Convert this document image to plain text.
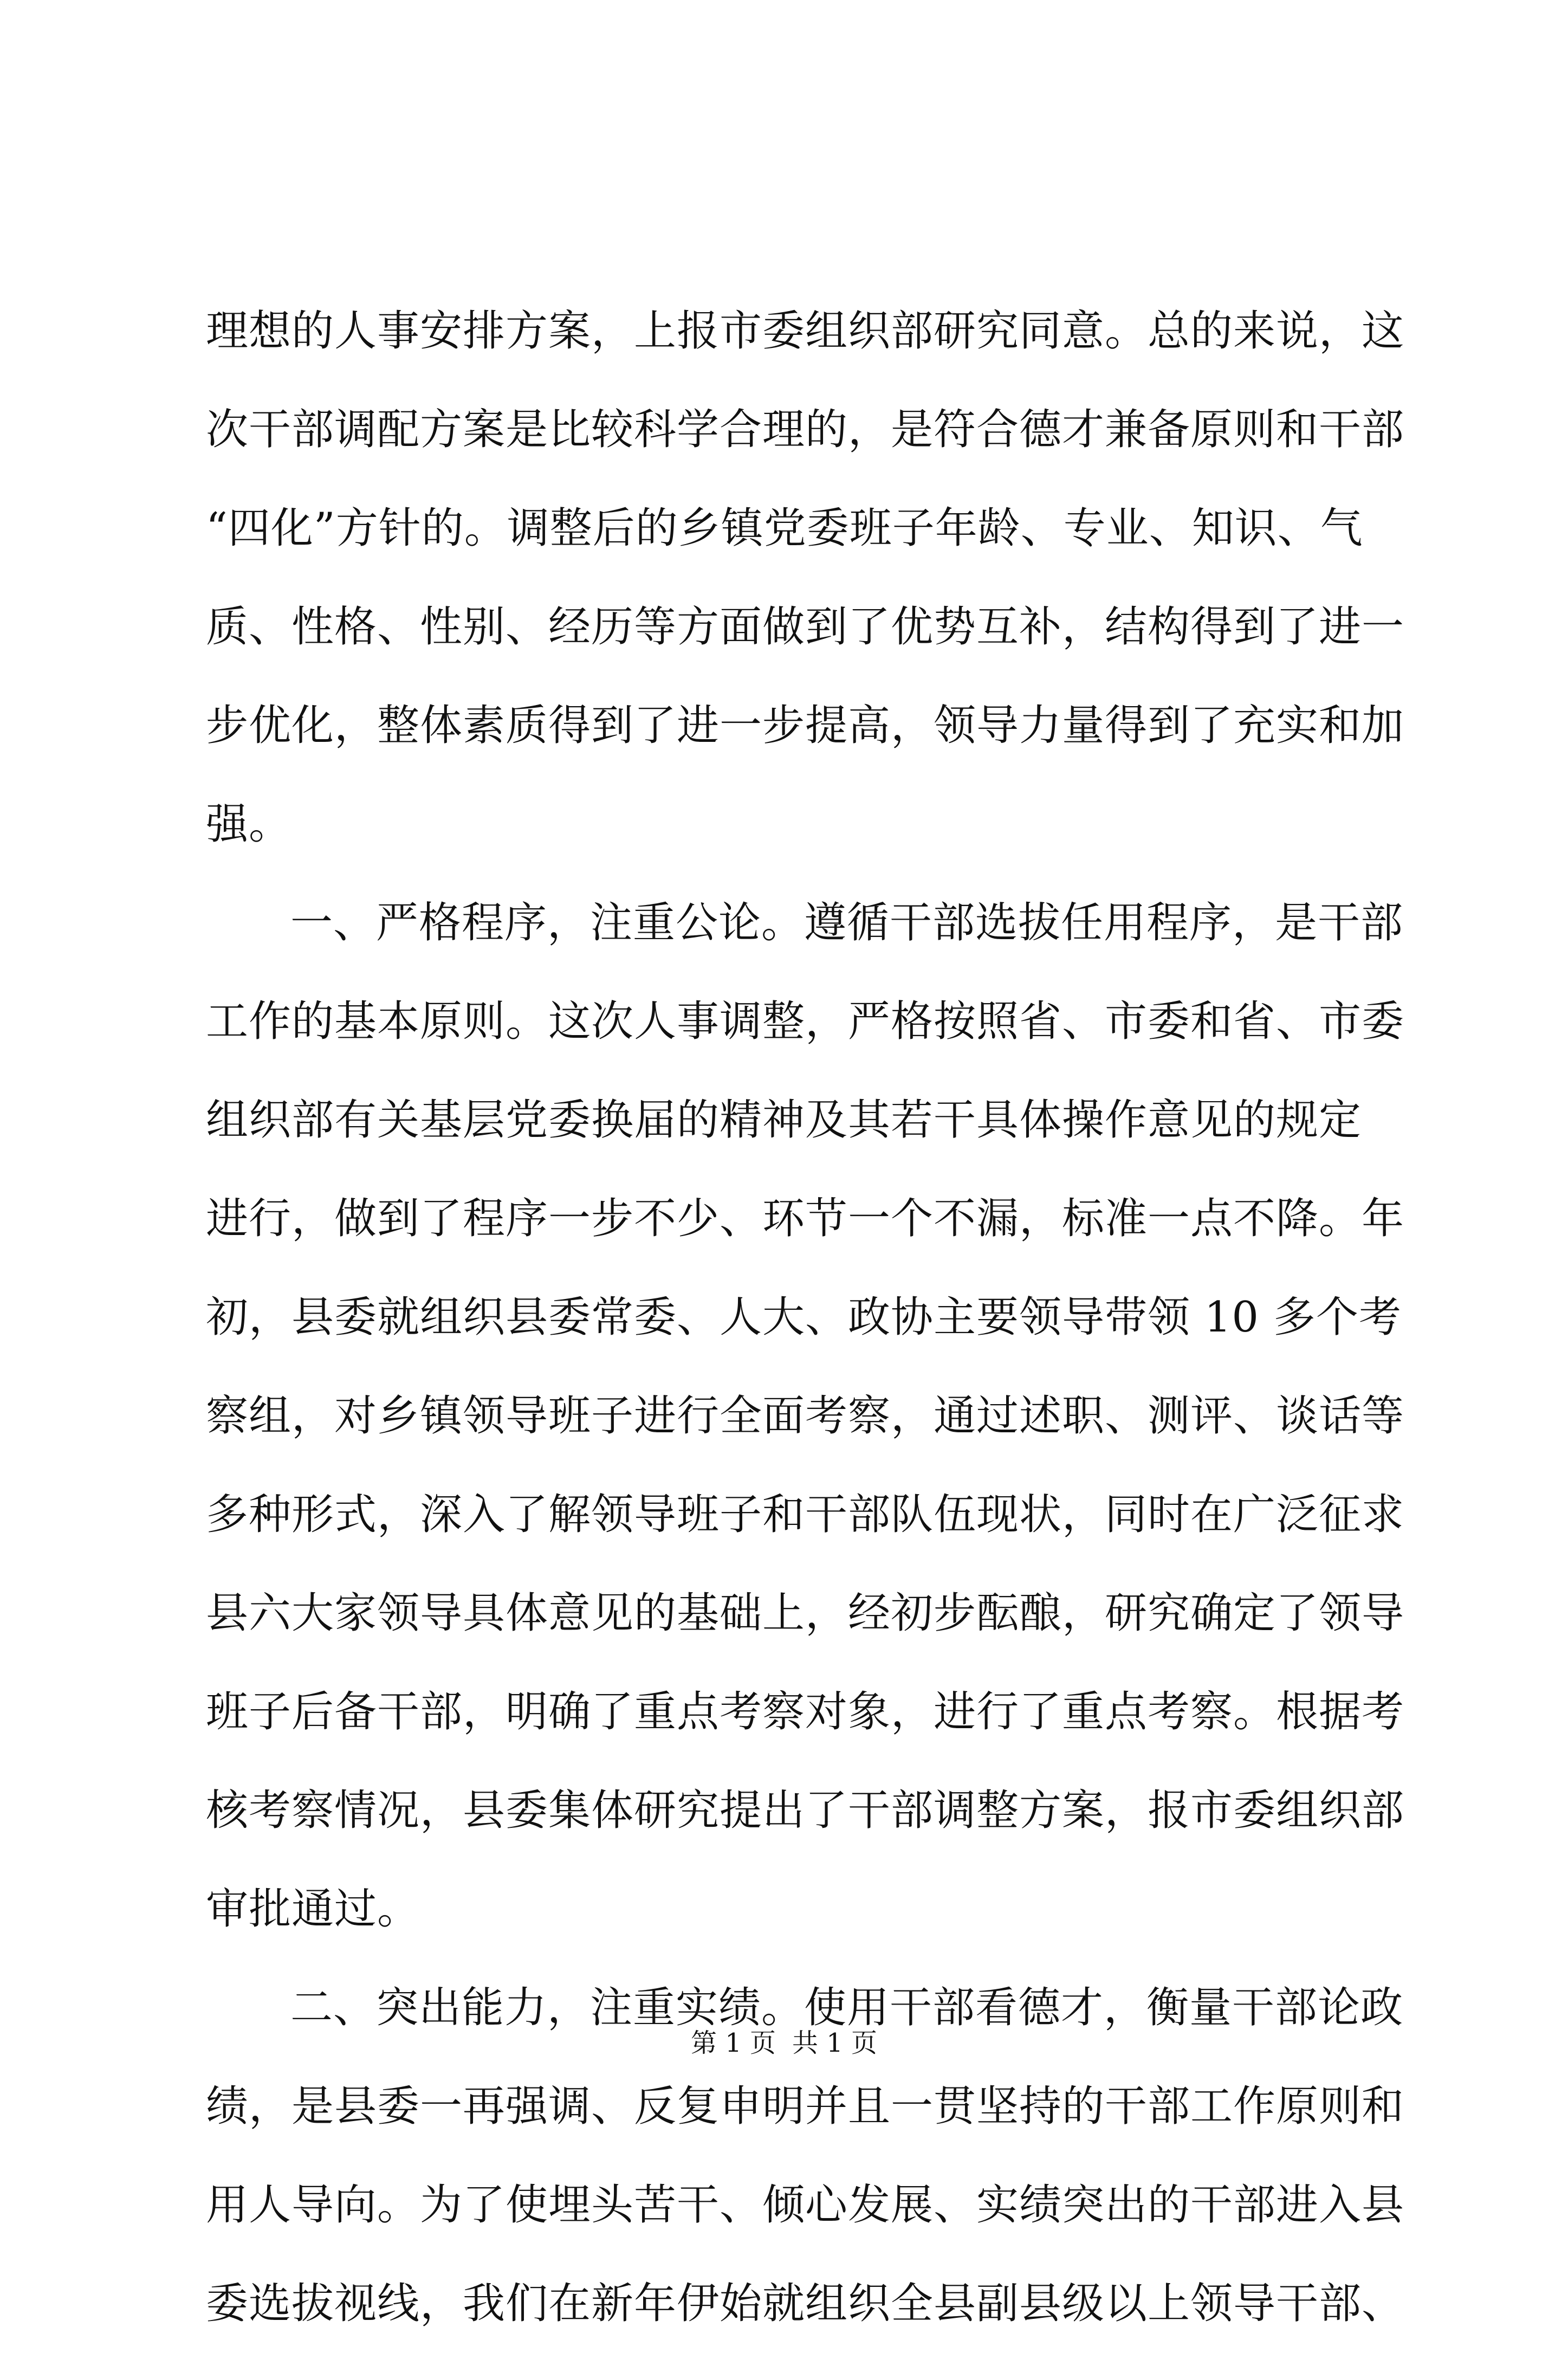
理想的人事安排方案，上报市委组织部研究同意。总的来说，这
次干部调配方案是比较科学合理的，是符合德才兼备原则和干部
“四化”方针的。调整后的乡镇党委班子年龄、专业、知识、气
质、性格、性别、经历等方面做到了优势互补，结构得到了进一
步优化，整体素质得到了进一步提高，领导力量得到了充实和加
强。
一、严格程序，注重公论。遵循干部选拔任用程序，是干部
工作的基本原则。这次人事调整，严格按照省、市委和省、市委
组织部有关基层党委换届的精神及其若干具体操作意见的规定
进行，做到了程序一步不少、环节一个不漏，标准一点不降。年
初，县委就组织县委常委、人大、政协主要领导带领 10 多个考
察组，对乡镇领导班子进行全面考察，通过述职、测评、谈话等
多种形式，深入了解领导班子和干部队伍现状，同时在广泛征求
县六大家领导具体意见的基础上，经初步酝酿，研究确定了领导
班子后备干部，明确了重点考察对象，进行了重点考察。根据考
核考察情况，县委集体研究提出了干部调整方案，报市委组织部
审批通过。
二、突出能力，注重实绩。使用干部看德才，衡量干部论政
绩，是县委一再强调、反复申明并且一贯坚持的干部工作原则和
用人导向。为了使埋头苦干、倾心发展、实绩突出的干部进入县
委选拔视线，我们在新年伊始就组织全县副县级以上领导干部、
第 1 页 共 1 页
